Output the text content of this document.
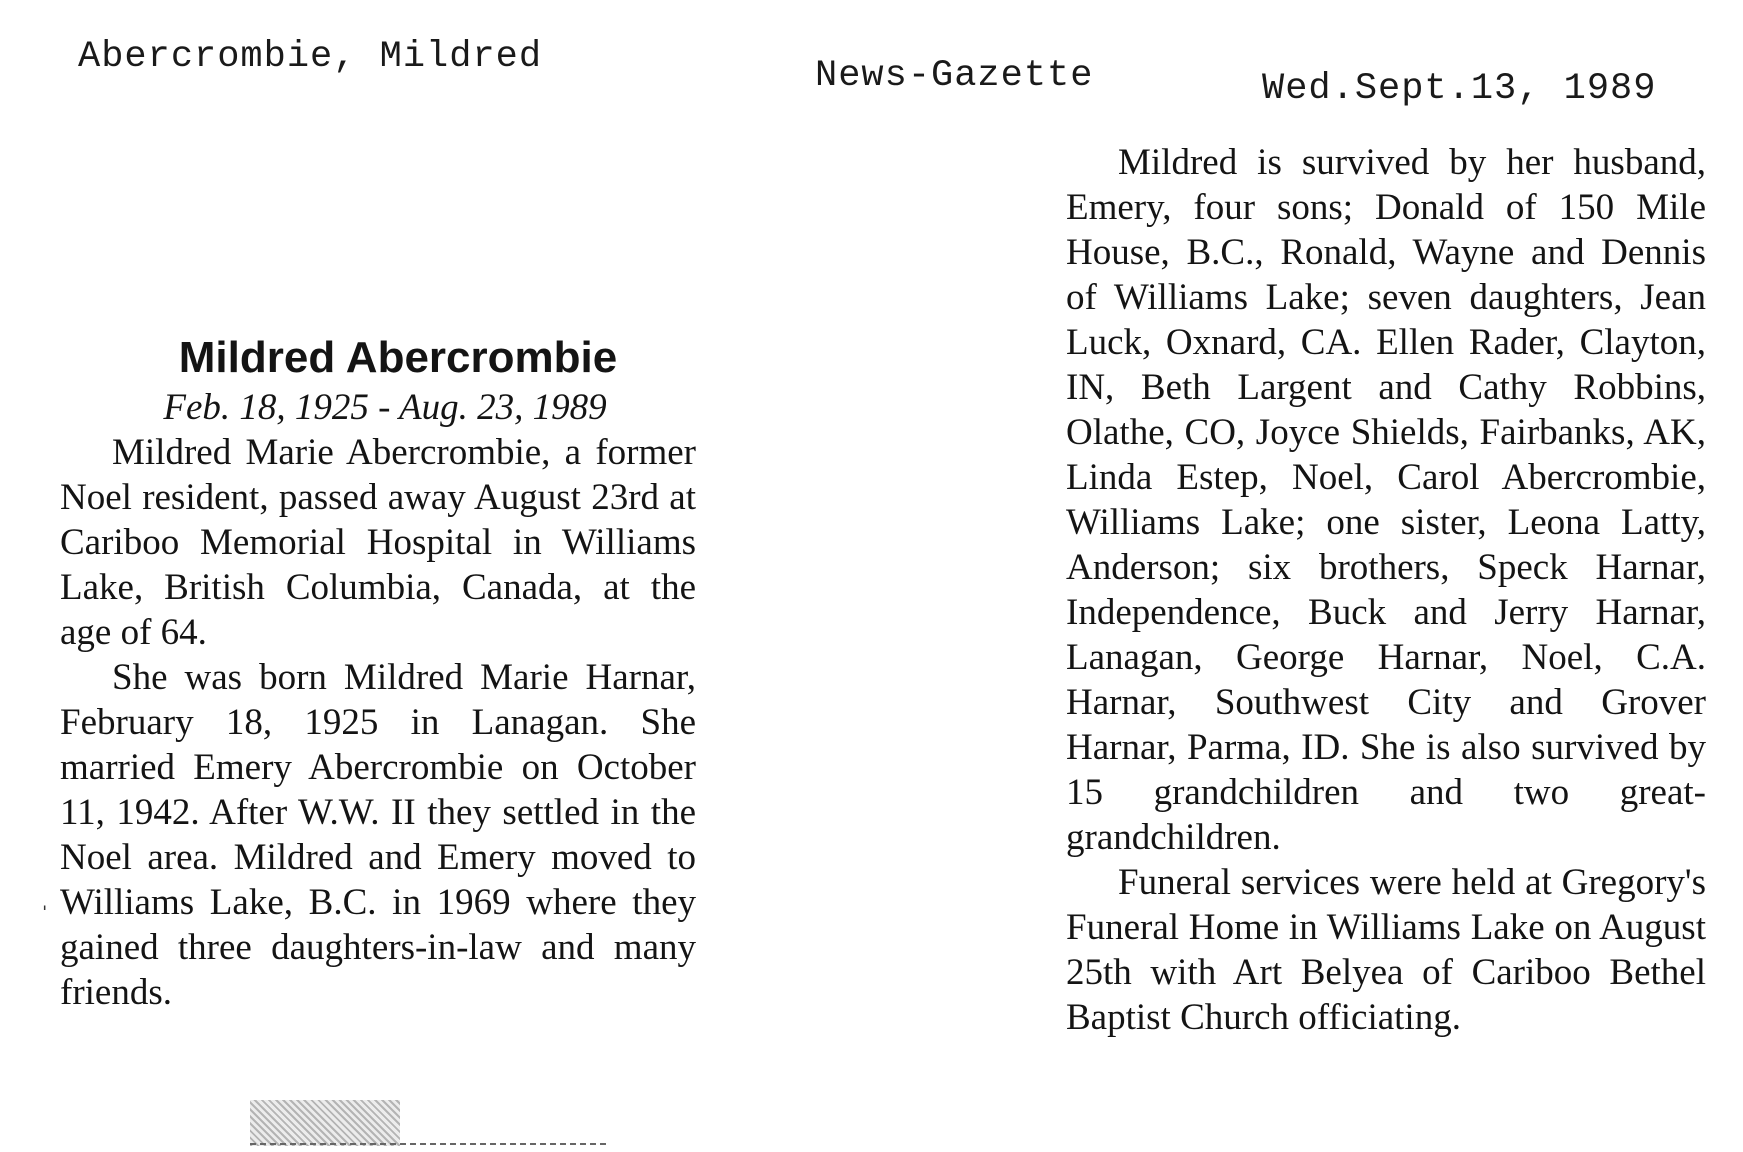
Abercrombie, Mildred	News-Gazette	Wed.Sept.13, 1989
Mildred Abercrombie

Feb. 18, 1925 - Aug. 23, 1989

Mildred Marie Abercrombie, a former Noel resident, passed away August 23rd at Cariboo Memorial Hospital in Williams Lake, British Columbia, Canada, at the age of 64.

She was born Mildred Marie Harnar, February 18, 1925 in Lanagan. She married Emery Abercrombie on October 11, 1942. After W.W. II they settled in the Noel area. Mildred and Emery moved to Williams Lake, B.C. in 1969 where they gained three daughters-in-law and many friends.

Mildred is survived by her husband, Emery, four sons; Donald of 150 Mile House, B.C., Ronald, Wayne and Dennis of Williams Lake; seven daughters, Jean Luck, Oxnard, CA. Ellen Rader, Clayton, IN, Beth Largent and Cathy Robbins, Olathe, CO, Joyce Shields, Fairbanks, AK, Linda Estep, Noel, Carol Abercrombie, Williams Lake; one sister, Leona Latty, Anderson; six brothers, Speck Harnar, Independence, Buck and Jerry Harnar, Lanagan, George Harnar, Noel, C.A. Harnar, Southwest City and Grover Harnar, Parma, ID. She is also survived by 15 grandchildren and two great-grandchildren.

Funeral services were held at Gregory's Funeral Home in Williams Lake on August 25th with Art Belyea of Cariboo Bethel Baptist Church officiating.

ˌ
